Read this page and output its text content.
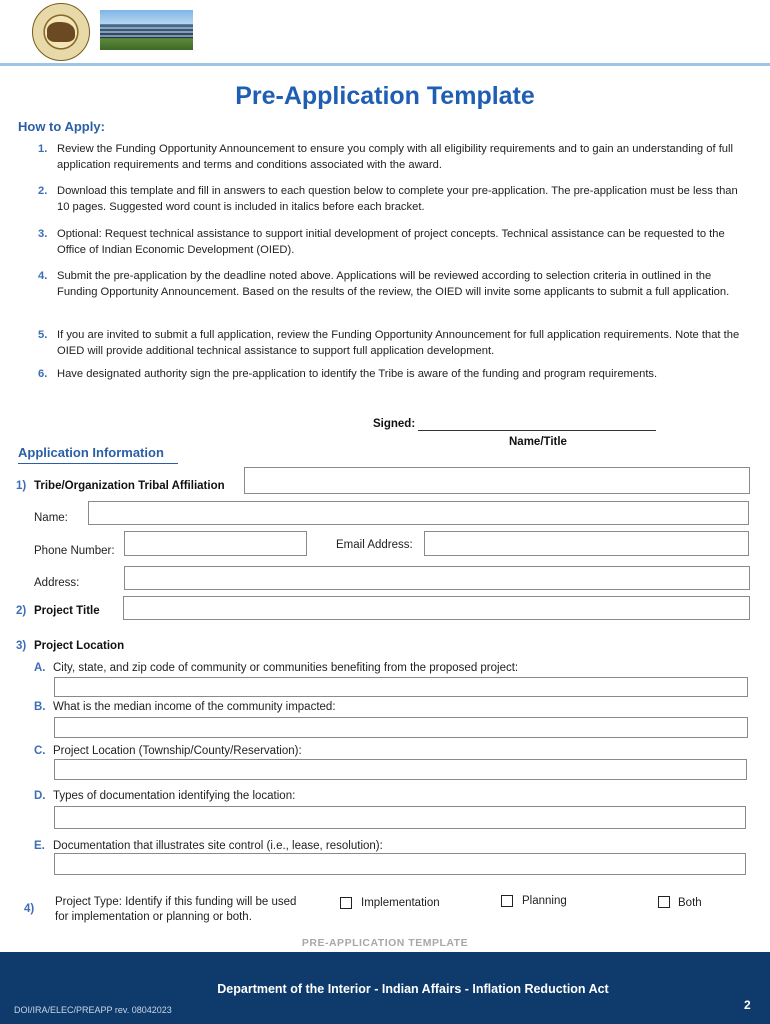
Pre-Application Template
How to Apply:
1. Review the Funding Opportunity Announcement to ensure you comply with all eligibility requirements and to gain an understanding of full application requirements and terms and conditions associated with the award.
2. Download this template and fill in answers to each question below to complete your pre-application. The pre-application must be less than 10 pages. Suggested word count is included in italics before each bracket.
3. Optional: Request technical assistance to support initial development of project concepts. Technical assistance can be requested to the Office of Indian Economic Development (OIED).
4. Submit the pre-application by the deadline noted above. Applications will be reviewed according to selection criteria in outlined in the Funding Opportunity Announcement. Based on the results of the review, the OIED will invite some applicants to submit a full application.
5. If you are invited to submit a full application, review the Funding Opportunity Announcement for full application requirements. Note that the OIED will provide additional technical assistance to support full application development.
6. Have designated authority sign the pre-application to identify the Tribe is aware of the funding and program requirements.
Signed:
Name/Title
Application Information
1) Tribe/Organization Tribal Affiliation
Name:
Phone Number:	Email Address:
Address:
2) Project Title
3) Project Location
A. City, state, and zip code of community or communities benefiting from the proposed project:
B. What is the median income of the community impacted:
C. Project Location (Township/County/Reservation):
D. Types of documentation identifying the location:
E. Documentation that illustrates site control (i.e., lease, resolution):
4)
Project Type: Identify if this funding will be used
for implementation or planning or both.
Implementation	Planning	Both
PRE-APPLICATION TEMPLATE
Department of the Interior - Indian Affairs - Inflation Reduction Act
DOI/IRA/ELEC/PREAPP rev. 08042023	2
